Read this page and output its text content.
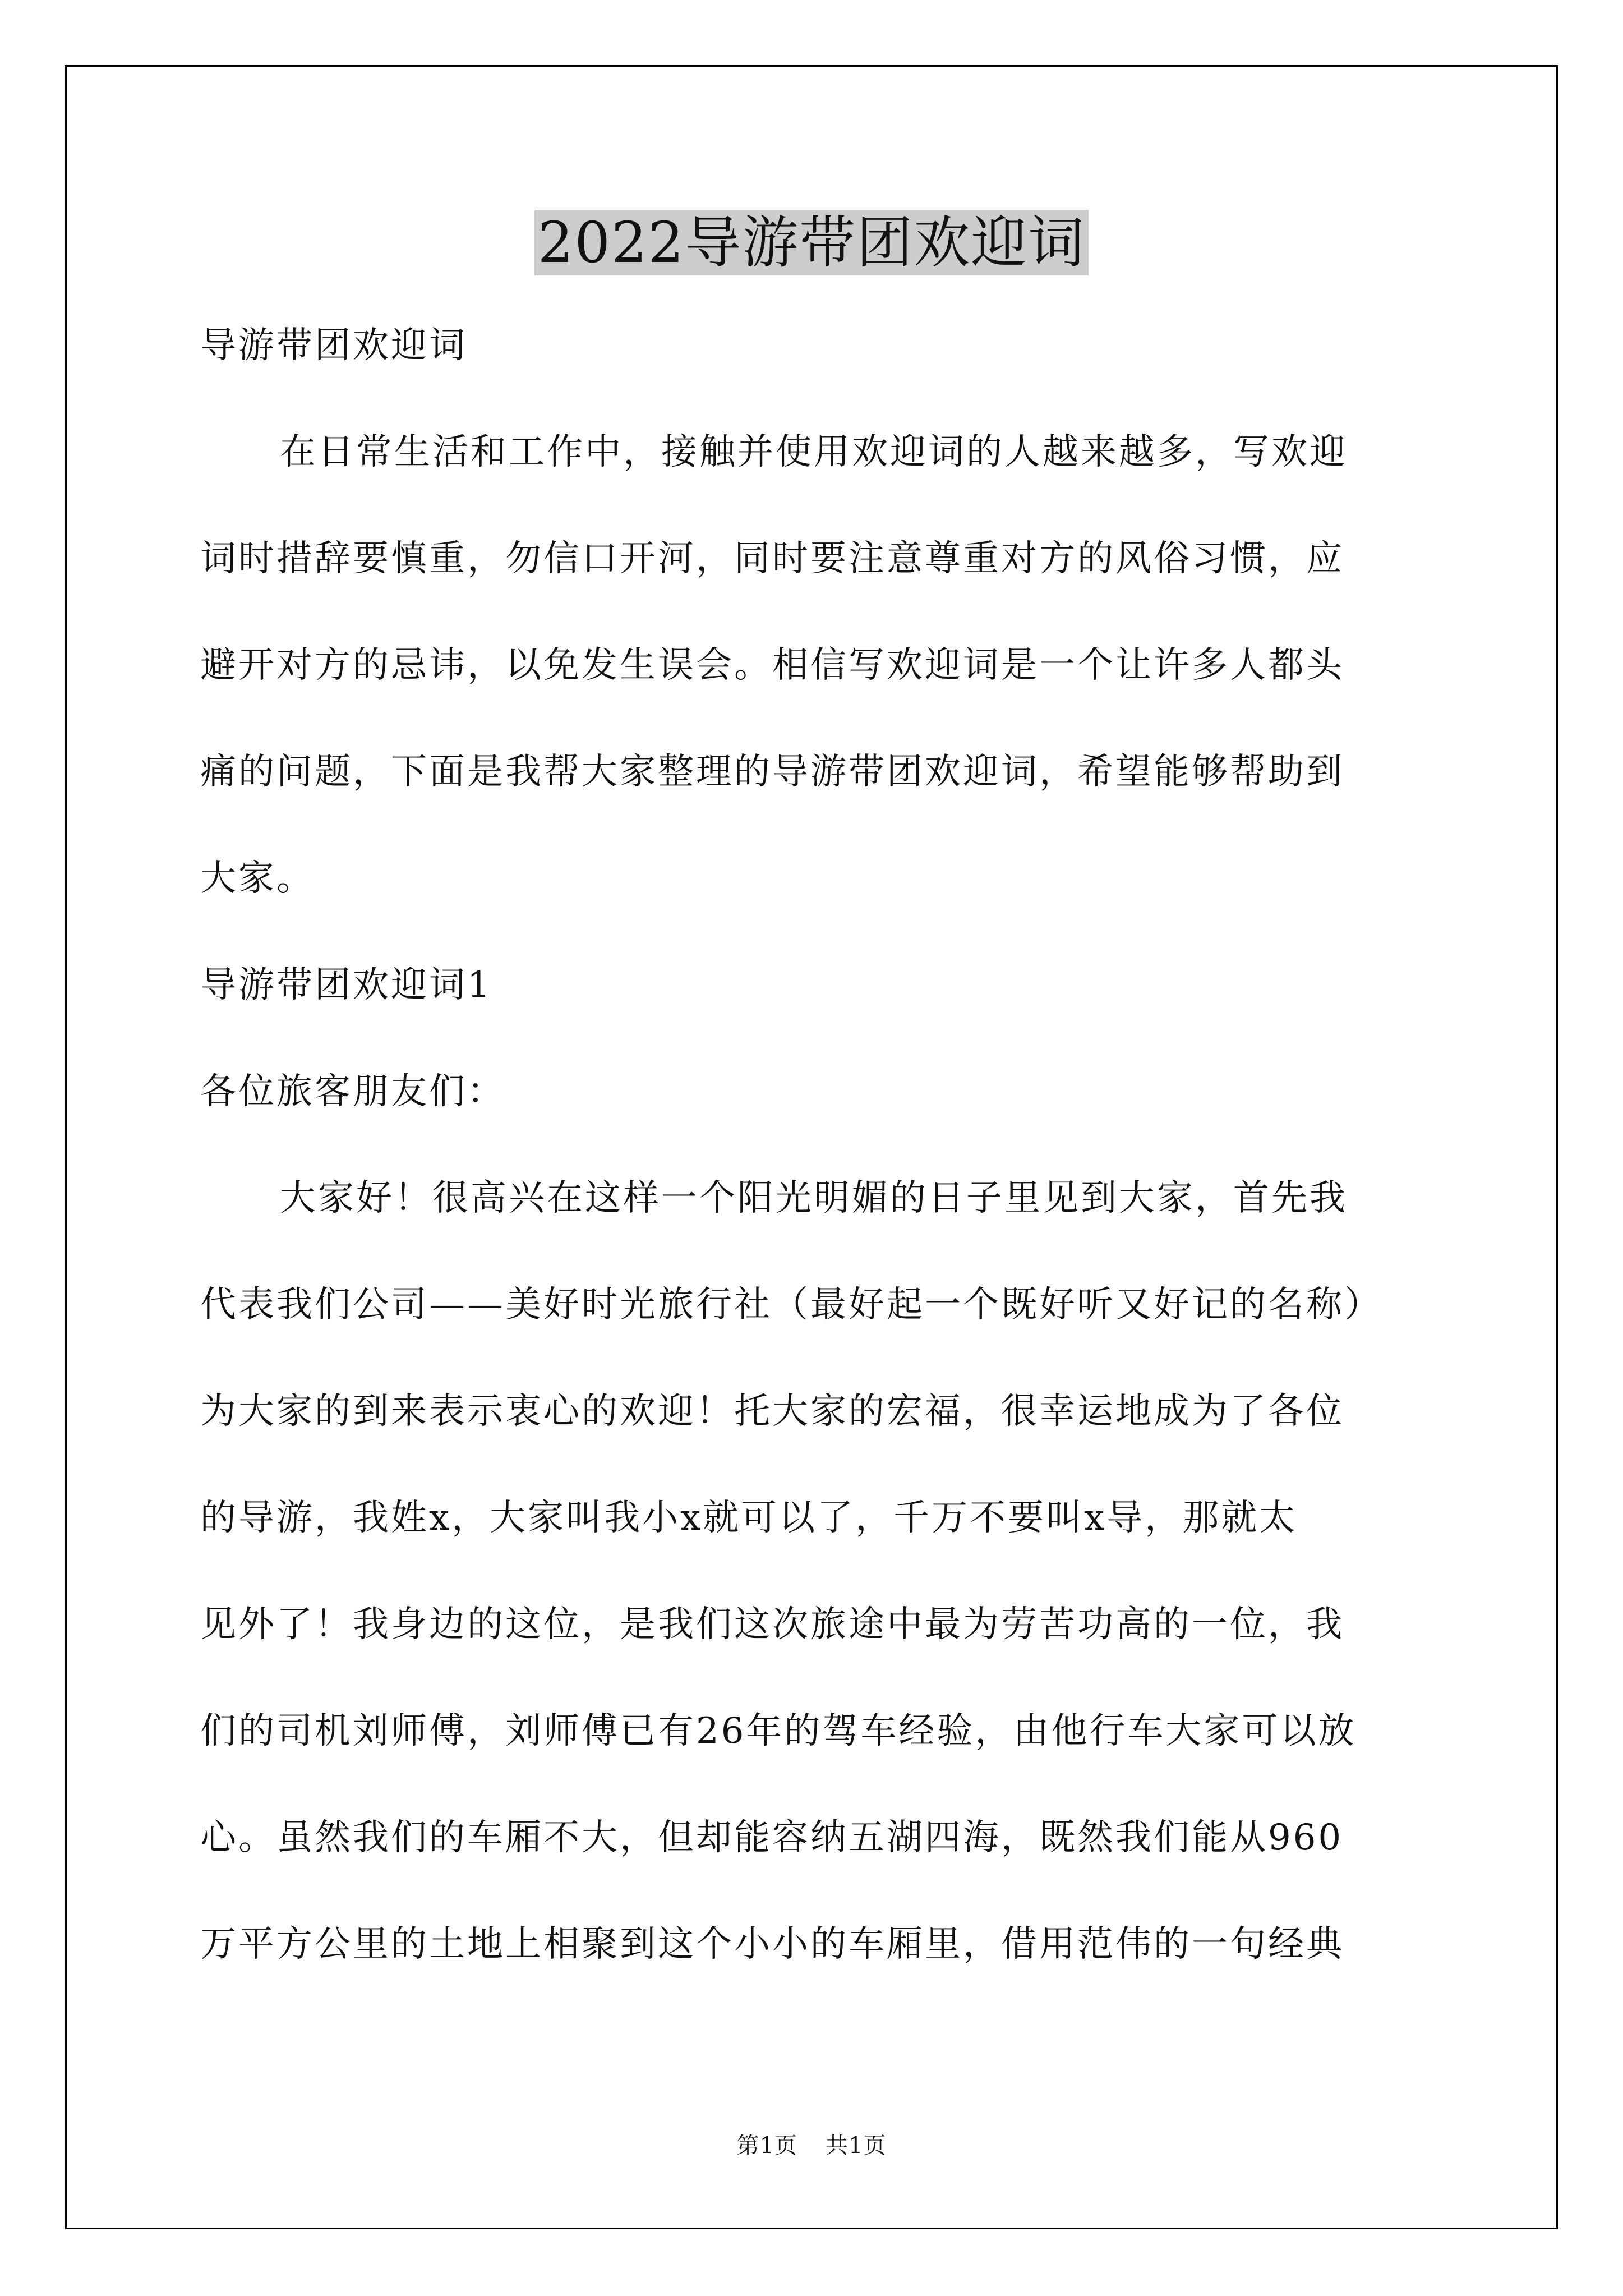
2022导游带团欢迎词

导游带团欢迎词

在日常生活和工作中，接触并使用欢迎词的人越来越多，写欢迎
词时措辞要慎重，勿信口开河，同时要注意尊重对方的风俗习惯，应
避开对方的忌讳，以免发生误会。相信写欢迎词是一个让许多人都头
痛的问题，下面是我帮大家整理的导游带团欢迎词，希望能够帮助到
大家。

导游带团欢迎词1

各位旅客朋友们：

大家好！很高兴在这样一个阳光明媚的日子里见到大家，首先我
代表我们公司——美好时光旅行社（最好起一个既好听又好记的名称）
为大家的到来表示衷心的欢迎！托大家的宏福，很幸运地成为了各位
的导游，我姓x，大家叫我小x就可以了，千万不要叫x导，那就太
见外了！我身边的这位，是我们这次旅途中最为劳苦功高的一位，我
们的司机刘师傅，刘师傅已有26年的驾车经验，由他行车大家可以放
心。虽然我们的车厢不大，但却能容纳五湖四海，既然我们能从960
万平方公里的土地上相聚到这个小小的车厢里，借用范伟的一句经典

第1页 共1页
